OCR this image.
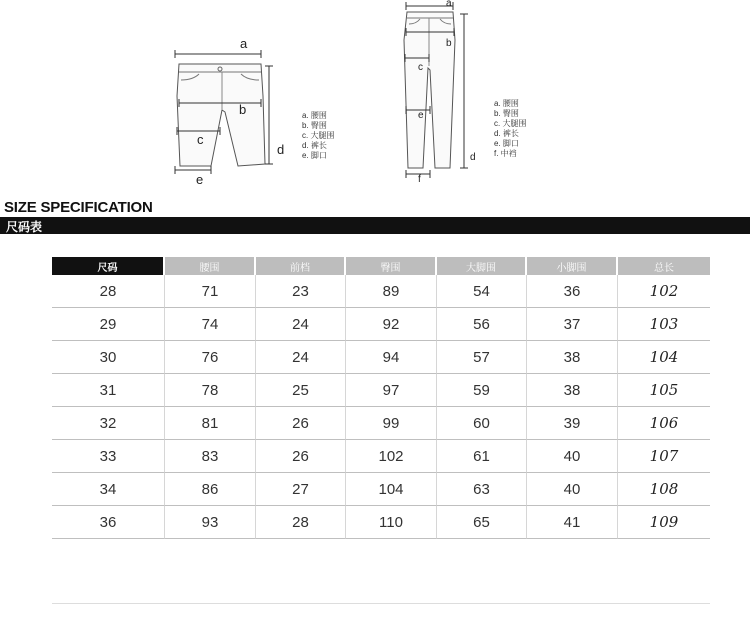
a
b
c
d
e
a. 腰围
b. 臀围
c. 大腿围
d. 裤长
e. 脚口
a
b
c
e
d
f
a. 腰围
b. 臀围
c. 大腿围
d. 裤长
e. 脚口
f. 中裆
SIZE SPECIFICATION
尺码表
尺码	腰围	前档	臀围	大脚围	小脚围	总长
28	71	23	89	54	36	102
29	74	24	92	56	37	103
30	76	24	94	57	38	104
31	78	25	97	59	38	105
32	81	26	99	60	39	106
33	83	26	102	61	40	107
34	86	27	104	63	40	108
36	93	28	110	65	41	109
